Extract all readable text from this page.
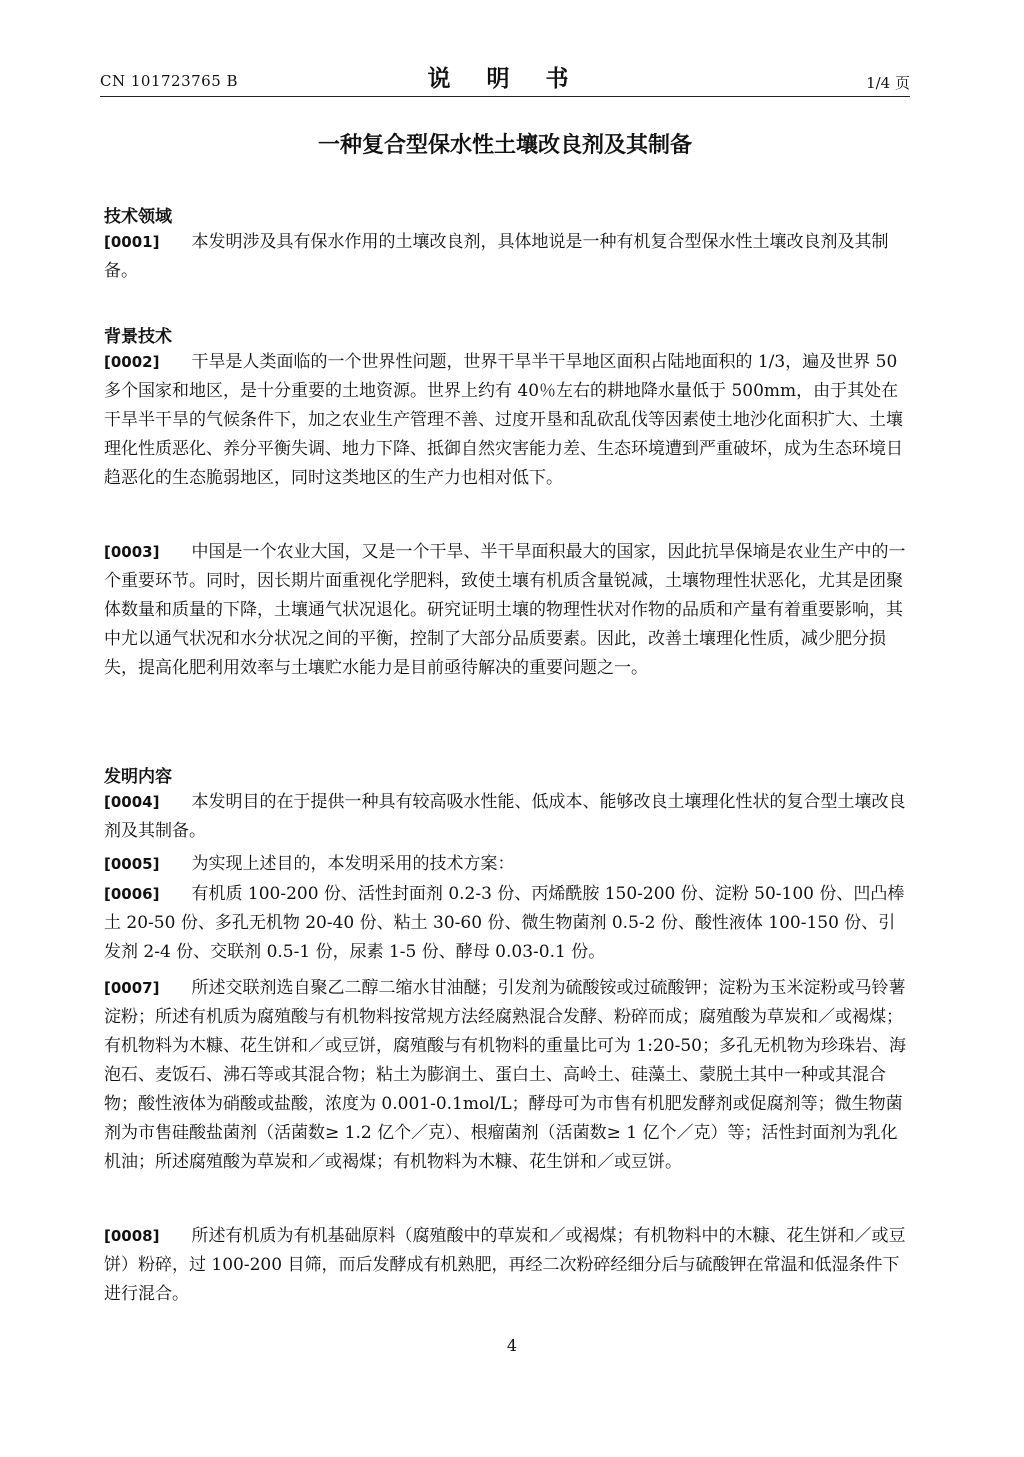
CN 101723765 B	说 明 书	1/4 页
一种复合型保水性土壤改良剂及其制备
技术领域

[0001] 本发明涉及具有保水作用的土壤改良剂，具体地说是一种有机复合型保水性土壤改良剂及其制备。

背景技术

[0002] 干旱是人类面临的一个世界性问题，世界干旱半干旱地区面积占陆地面积的 1/3，遍及世界 50 多个国家和地区，是十分重要的土地资源。世界上约有 40％左右的耕地降水量低于 500mm，由于其处在干旱半干旱的气候条件下，加之农业生产管理不善、过度开垦和乱砍乱伐等因素使土地沙化面积扩大、土壤理化性质恶化、养分平衡失调、地力下降、抵御自然灾害能力差、生态环境遭到严重破坏，成为生态环境日趋恶化的生态脆弱地区，同时这类地区的生产力也相对低下。

[0003] 中国是一个农业大国，又是一个干旱、半干旱面积最大的国家，因此抗旱保墒是农业生产中的一个重要环节。同时，因长期片面重视化学肥料，致使土壤有机质含量锐减，土壤物理性状恶化，尤其是团聚体数量和质量的下降，土壤通气状况退化。研究证明土壤的物理性状对作物的品质和产量有着重要影响，其中尤以通气状况和水分状况之间的平衡，控制了大部分品质要素。因此，改善土壤理化性质，减少肥分损失，提高化肥利用效率与土壤贮水能力是目前亟待解决的重要问题之一。

发明内容

[0004] 本发明目的在于提供一种具有较高吸水性能、低成本、能够改良土壤理化性状的复合型土壤改良剂及其制备。

[0005] 为实现上述目的，本发明采用的技术方案：

[0006] 有机质 100-200 份、活性封面剂 0.2-3 份、丙烯酰胺 150-200 份、淀粉 50-100 份、凹凸棒土 20-50 份、多孔无机物 20-40 份、粘土 30-60 份、微生物菌剂 0.5-2 份、酸性液体 100-150 份、引发剂 2-4 份、交联剂 0.5-1 份，尿素 1-5 份、酵母 0.03-0.1 份。

[0007] 所述交联剂选自聚乙二醇二缩水甘油醚；引发剂为硫酸铵或过硫酸钾；淀粉为玉米淀粉或马铃薯淀粉；所述有机质为腐殖酸与有机物料按常规方法经腐熟混合发酵、粉碎而成；腐殖酸为草炭和／或褐煤；有机物料为木糠、花生饼和／或豆饼，腐殖酸与有机物料的重量比可为 1:20-50；多孔无机物为珍珠岩、海泡石、麦饭石、沸石等或其混合物；粘土为膨润土、蛋白土、高岭土、硅藻土、蒙脱土其中一种或其混合物；酸性液体为硝酸或盐酸，浓度为 0.001-0.1mol/L；酵母可为市售有机肥发酵剂或促腐剂等；微生物菌剂为市售硅酸盐菌剂（活菌数≥ 1.2 亿个／克）、根瘤菌剂（活菌数≥ 1 亿个／克）等；活性封面剂为乳化机油；所述腐殖酸为草炭和／或褐煤；有机物料为木糠、花生饼和／或豆饼。

[0008] 所述有机质为有机基础原料（腐殖酸中的草炭和／或褐煤；有机物料中的木糠、花生饼和／或豆饼）粉碎，过 100-200 目筛，而后发酵成有机熟肥，再经二次粉碎经细分后与硫酸钾在常温和低湿条件下进行混合。

4
